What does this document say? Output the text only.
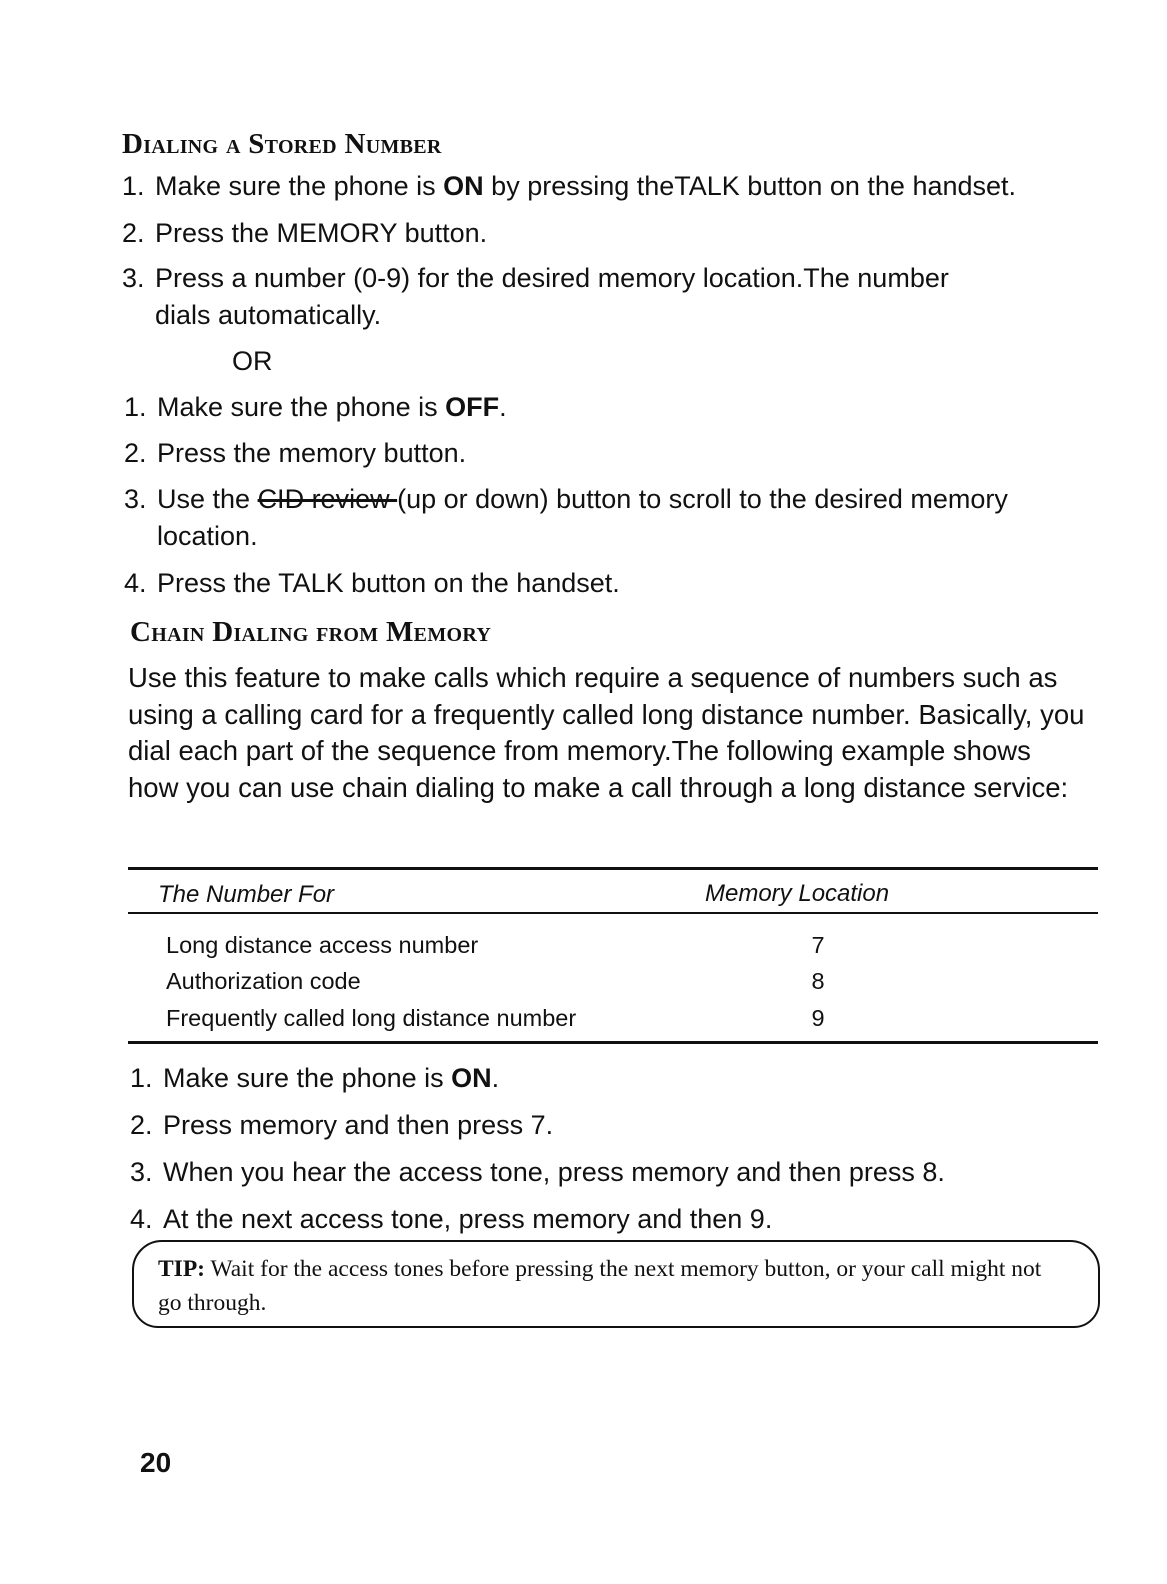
Dialing a Stored Number
1. Make sure the phone is ON by pressing theTALK button on the handset.
2. Press the MEMORY button.
3. Press a number (0-9) for the desired memory location.The number
dials automatically.
OR
1. Make sure the phone is OFF.
2. Press the memory button.
3. Use the CID review (up or down) button to scroll to the desired memory
location.
4. Press the TALK button on the handset.
Chain Dialing from Memory

Use this feature to make calls which require a sequence of numbers such as using a calling card for a frequently called long distance number. Basically, you dial each part of the sequence from memory.The following example shows how you can use chain dialing to make a call through a long distance service:

The Number For	Memory Location
Long distance access number	7
Authorization code	8
Frequently called long distance number	9
1. Make sure the phone is ON.
2. Press memory and then press 7.
3. When you hear the access tone, press memory and then press 8.
4. At the next access tone, press memory and then 9.

TIP: Wait for the access tones before pressing the next memory button, or your call might not go through.

20
